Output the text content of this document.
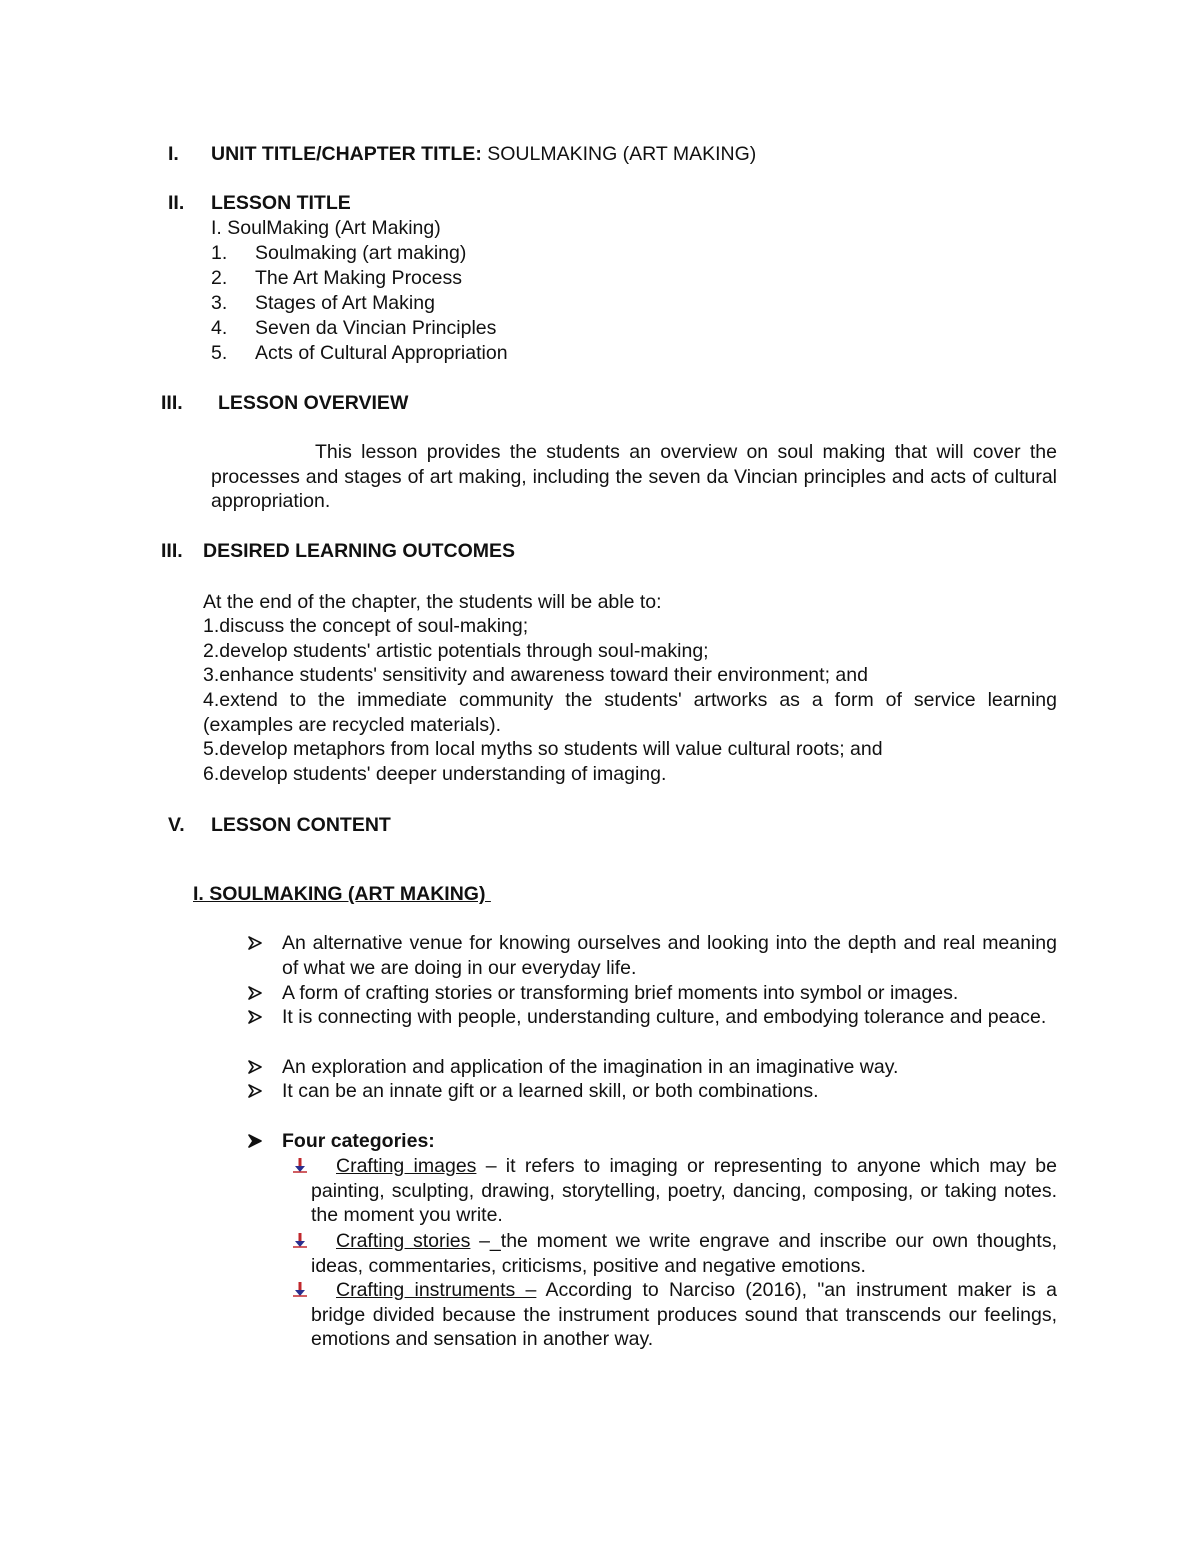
I. UNIT TITLE/CHAPTER TITLE: SOULMAKING (ART MAKING)
II. LESSON TITLE
I. SoulMaking (Art Making)
1. Soulmaking (art making)
2. The Art Making Process
3. Stages of Art Making
4. Seven da Vincian Principles
5. Acts of Cultural Appropriation
III. LESSON OVERVIEW
This lesson provides the students an overview on soul making that will cover the processes and stages of art making, including the seven da Vincian principles and acts of cultural appropriation.
III. DESIRED LEARNING OUTCOMES
At the end of the chapter, the students will be able to:
1.discuss the concept of soul-making;
2.develop students' artistic potentials through soul-making;
3.enhance students' sensitivity and awareness toward their environment; and
4.extend to the immediate community the students' artworks as a form of service learning (examples are recycled materials).
5.develop metaphors from local myths so students will value cultural roots; and
6.develop students' deeper understanding of imaging.
V. LESSON CONTENT
I. SOULMAKING (ART MAKING)
An alternative venue for knowing ourselves and looking into the depth and real meaning of what we are doing in our everyday life.
A form of crafting stories or transforming brief moments into symbol or images.
It is connecting with people, understanding culture, and embodying tolerance and peace.
An exploration and application of the imagination in an imaginative way.
It can be an innate gift or a learned skill, or both combinations.
Four categories:
Crafting images – it refers to imaging or representing to anyone which may be painting, sculpting, drawing, storytelling, poetry, dancing, composing, or taking notes. the moment you write.
Crafting stories –_the moment we write engrave and inscribe our own thoughts, ideas, commentaries, criticisms, positive and negative emotions.
Crafting instruments – According to Narciso (2016), "an instrument maker is a bridge divided because the instrument produces sound that transcends our feelings, emotions and sensation in another way.
